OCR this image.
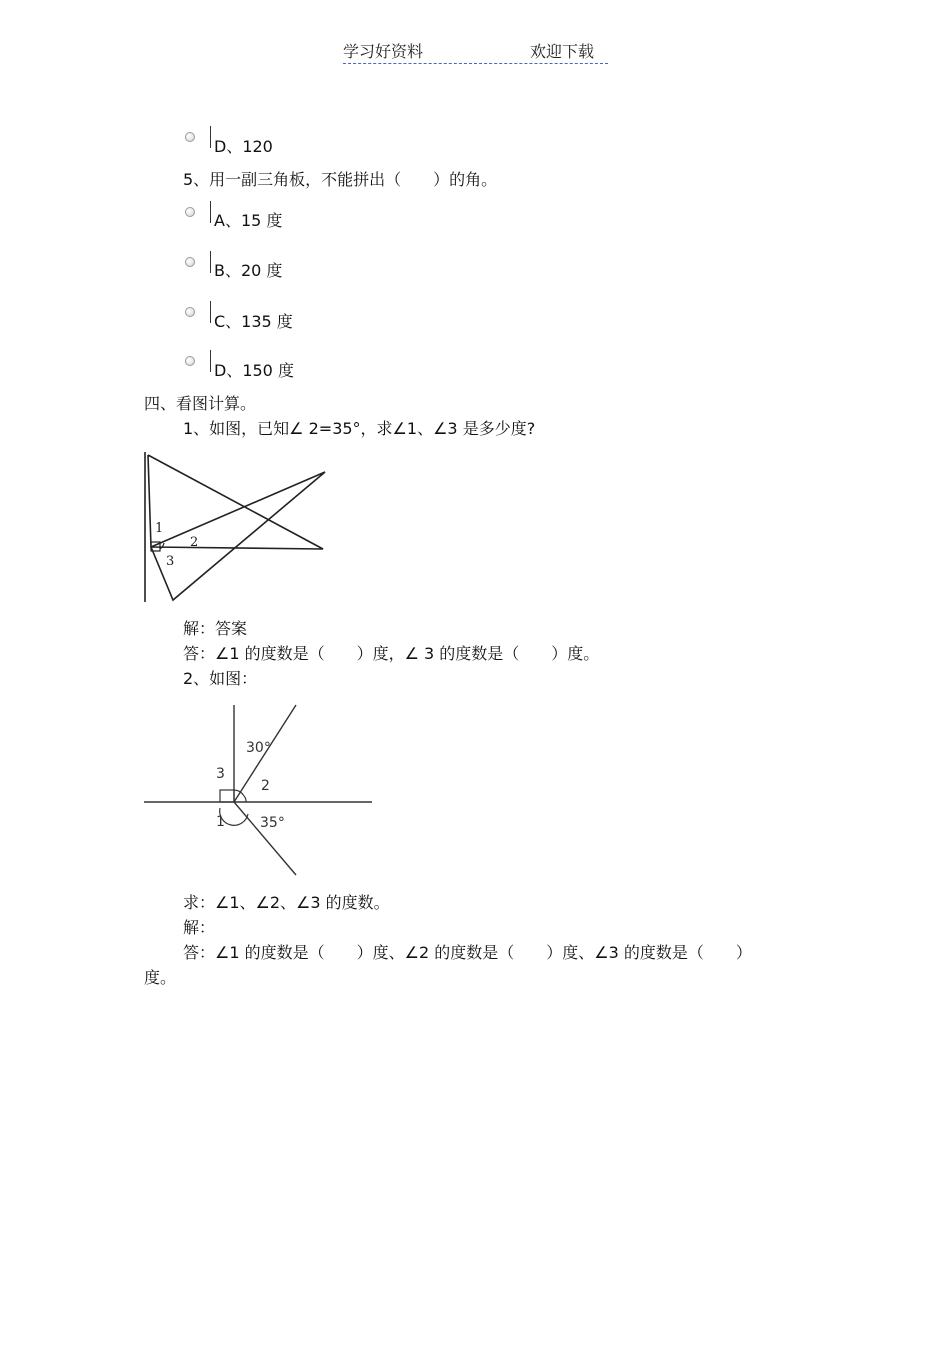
学习好资料	欢迎下载
D、120
5、用一副三角板，不能拼出（　　）的角。
A、15 度
B、20 度
C、135 度
D、150 度
四、看图计算。
1、如图，已知∠ 2=35°，求∠1、∠3 是多少度?
1
2
3
解：答案
答：∠1 的度数是（　　）度，∠ 3 的度数是（　　）度。
2、如图：
30°
3
2
1	35°
求：∠1、∠2、∠3 的度数。
解：
答：∠1 的度数是（　　）度、∠2 的度数是（　　）度、∠3 的度数是（　　）
度。
